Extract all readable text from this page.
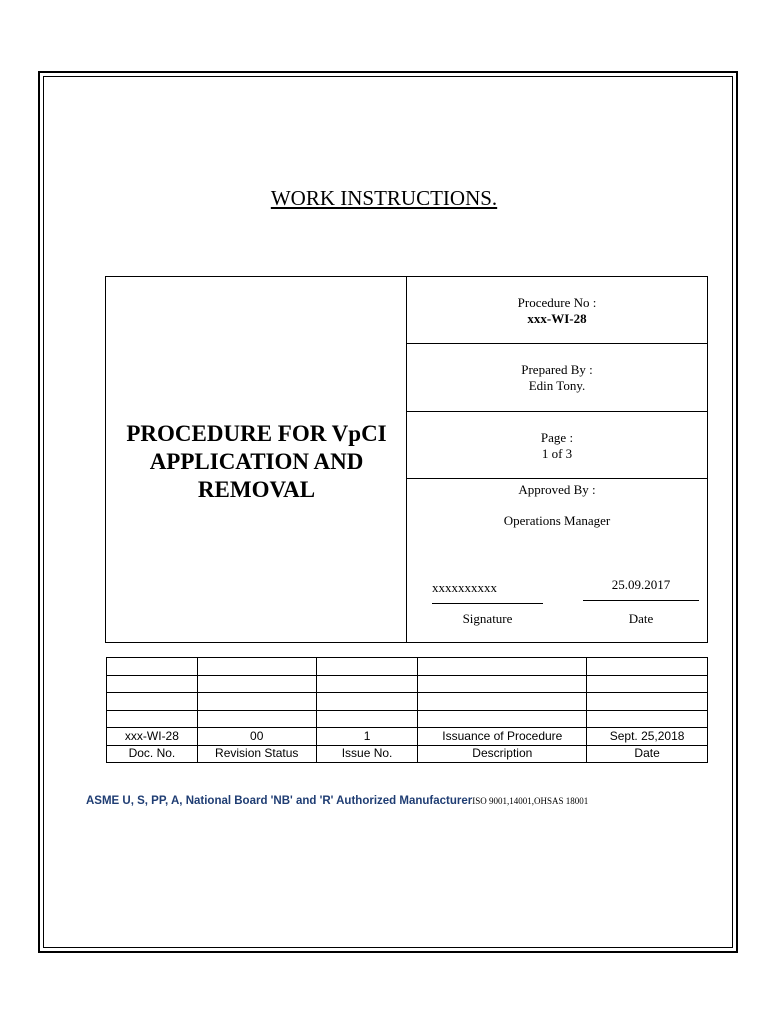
WORK INSTRUCTIONS.
PROCEDURE FOR VpCI
APPLICATION AND
REMOVAL
Procedure No :
xxx-WI-28
Prepared By :
Edin Tony.
Page :
1 of 3
Approved By :
Operations Manager
xxxxxxxxxx
Signature
25.09.2017
Date

xxx-WI-28	00	1	Issuance of Procedure	Sept. 25,2018
Doc. No.	Revision Status	Issue No.	Description	Date
ASME U, S, PP, A, National Board 'NB' and 'R' Authorized ManufacturerISO 9001,14001,OHSAS 18001
